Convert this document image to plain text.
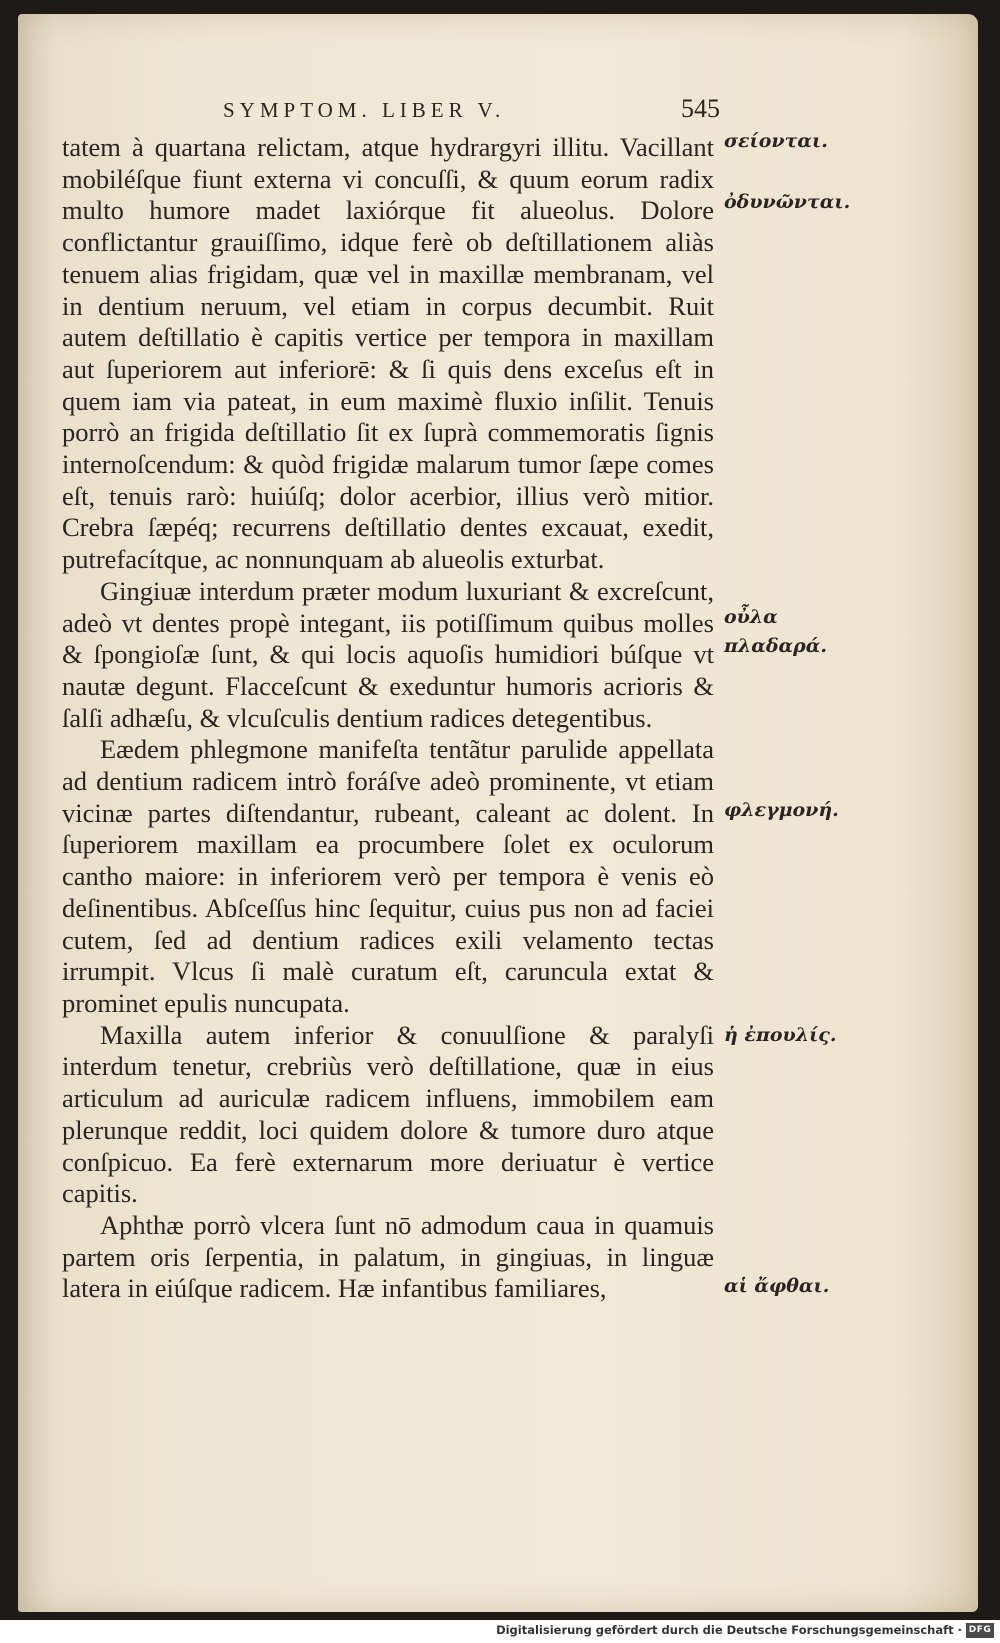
SYMPTOM. LIBER V.	545

tatem à quartana relictam, atque hydrargyri illitu. Vacillant mobiléſque fiunt externa vi concuſſi, & quum eorum radix multo humore madet laxiórque fit alueolus. Dolore conflictantur grauiſſimo, idque ferè ob deſtillationem aliàs tenuem alias frigidam, quæ vel in maxillæ membranam, vel in dentium neruum, vel etiam in corpus decumbit. Ruit autem deſtillatio è capitis vertice per tempora in maxillam aut ſuperiorem aut inferiorē: & ſi quis dens exceſus eſt in quem iam via pateat, in eum maximè fluxio inſilit. Tenuis porrò an frigida deſtillatio ſit ex ſuprà commemoratis ſignis internoſcendum: & quòd frigidæ malarum tumor ſæpe comes eſt, tenuis rarò: huiúſq; dolor acerbior, illius verò mitior. Crebra ſæpéq; recurrens deſtillatio dentes excauat, exedit, putrefacítque, ac nonnunquam ab alueolis exturbat.

Gingiuæ interdum præter modum luxuriant & excreſcunt, adeò vt dentes propè integant, iis potiſſimum quibus molles & ſpongioſæ ſunt, & qui locis aquoſis humidiori búſque vt nautæ degunt. Flacceſcunt & exeduntur humoris acrioris & ſalſi adhæſu, & vlcuſculis dentium radices detegentibus.

Eædem phlegmone manifeſta tentãtur parulide appellata ad dentium radicem intrò foráſve adeò prominente, vt etiam vicinæ partes diſtendantur, rubeant, caleant ac dolent. In ſuperiorem maxillam ea procumbere ſolet ex oculorum cantho maiore: in inferiorem verò per tempora è venis eò deſinentibus. Abſceſſus hinc ſequitur, cuius pus non ad faciei cutem, ſed ad dentium radices exili velamento tectas irrumpit. Vlcus ſi malè curatum eſt, caruncula extat & prominet epulis nuncupata.

Maxilla autem inferior & conuulſione & paralyſi interdum tenetur, crebriùs verò deſtillatione, quæ in eius articulum ad auriculæ radicem influens, immobilem eam plerunque reddit, loci quidem dolore & tumore duro atque conſpicuo. Ea ferè externarum more deriuatur è vertice capitis.

Aphthæ porrò vlcera ſunt nō admodum caua in quamuis partem oris ſerpentia, in palatum, in gingiuas, in linguæ latera in eiúſque radicem. Hæ infantibus familiares,

σείονται.
ὀδυνῶνται.
οὖλα πλαδαρά.
φλεγμονή.
ἡ ἐπουλίς.
αἱ ἄφθαι.
Digitalisierung gefördert durch die Deutsche Forschungsgemeinschaft · DFG
